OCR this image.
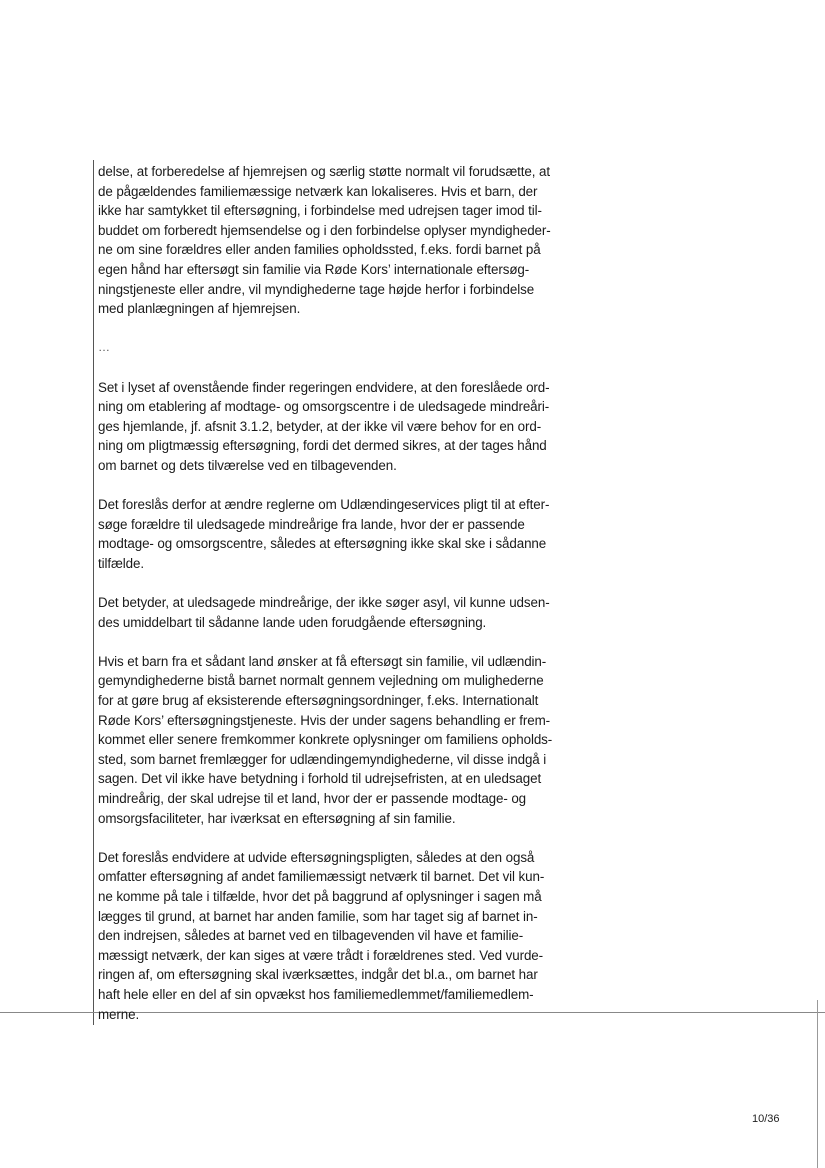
delse, at forberedelse af hjemrejsen og særlig støtte normalt vil forudsætte, at
de pågældendes familiemæssige netværk kan lokaliseres. Hvis et barn, der
ikke har samtykket til eftersøgning, i forbindelse med udrejsen tager imod til-
buddet om forberedt hjemsendelse og i den forbindelse oplyser myndigheder-
ne om sine forældres eller anden families opholdssted, f.eks. fordi barnet på
egen hånd har eftersøgt sin familie via Røde Kors’ internationale eftersøg-
ningstjeneste eller andre, vil myndighederne tage højde herfor i forbindelse
med planlægningen af hjemrejsen.
…
Set i lyset af ovenstående finder regeringen endvidere, at den foreslåede ord-
ning om etablering af modtage- og omsorgscentre i de uledsagede mindreåri-
ges hjemlande, jf. afsnit 3.1.2, betyder, at der ikke vil være behov for en ord-
ning om pligtmæssig eftersøgning, fordi det dermed sikres, at der tages hånd
om barnet og dets tilværelse ved en tilbagevenden.
Det foreslås derfor at ændre reglerne om Udlændingeservices pligt til at efter-
søge forældre til uledsagede mindreårige fra lande, hvor der er passende
modtage- og omsorgscentre, således at eftersøgning ikke skal ske i sådanne
tilfælde.
Det betyder, at uledsagede mindreårige, der ikke søger asyl, vil kunne udsen-
des umiddelbart til sådanne lande uden forudgående eftersøgning.
Hvis et barn fra et sådant land ønsker at få eftersøgt sin familie, vil udlændin-
gemyndighederne bistå barnet normalt gennem vejledning om mulighederne
for at gøre brug af eksisterende eftersøgningsordninger, f.eks. Internationalt
Røde Kors’ eftersøgningstjeneste. Hvis der under sagens behandling er frem-
kommet eller senere fremkommer konkrete oplysninger om familiens opholds-
sted, som barnet fremlægger for udlændingemyndighederne, vil disse indgå i
sagen. Det vil ikke have betydning i forhold til udrejsefristen, at en uledsaget
mindreårig, der skal udrejse til et land, hvor der er passende modtage- og
omsorgsfaciliteter, har iværksat en eftersøgning af sin familie.
Det foreslås endvidere at udvide eftersøgningspligten, således at den også
omfatter eftersøgning af andet familiemæssigt netværk til barnet. Det vil kun-
ne komme på tale i tilfælde, hvor det på baggrund af oplysninger i sagen må
lægges til grund, at barnet har anden familie, som har taget sig af barnet in-
den indrejsen, således at barnet ved en tilbagevenden vil have et familie-
mæssigt netværk, der kan siges at være trådt i forældrenes sted. Ved vurde-
ringen af, om eftersøgning skal iværksættes, indgår det bl.a., om barnet har
haft hele eller en del af sin opvækst hos familiemedlemmet/familiemedlem-
merne.
10/36
